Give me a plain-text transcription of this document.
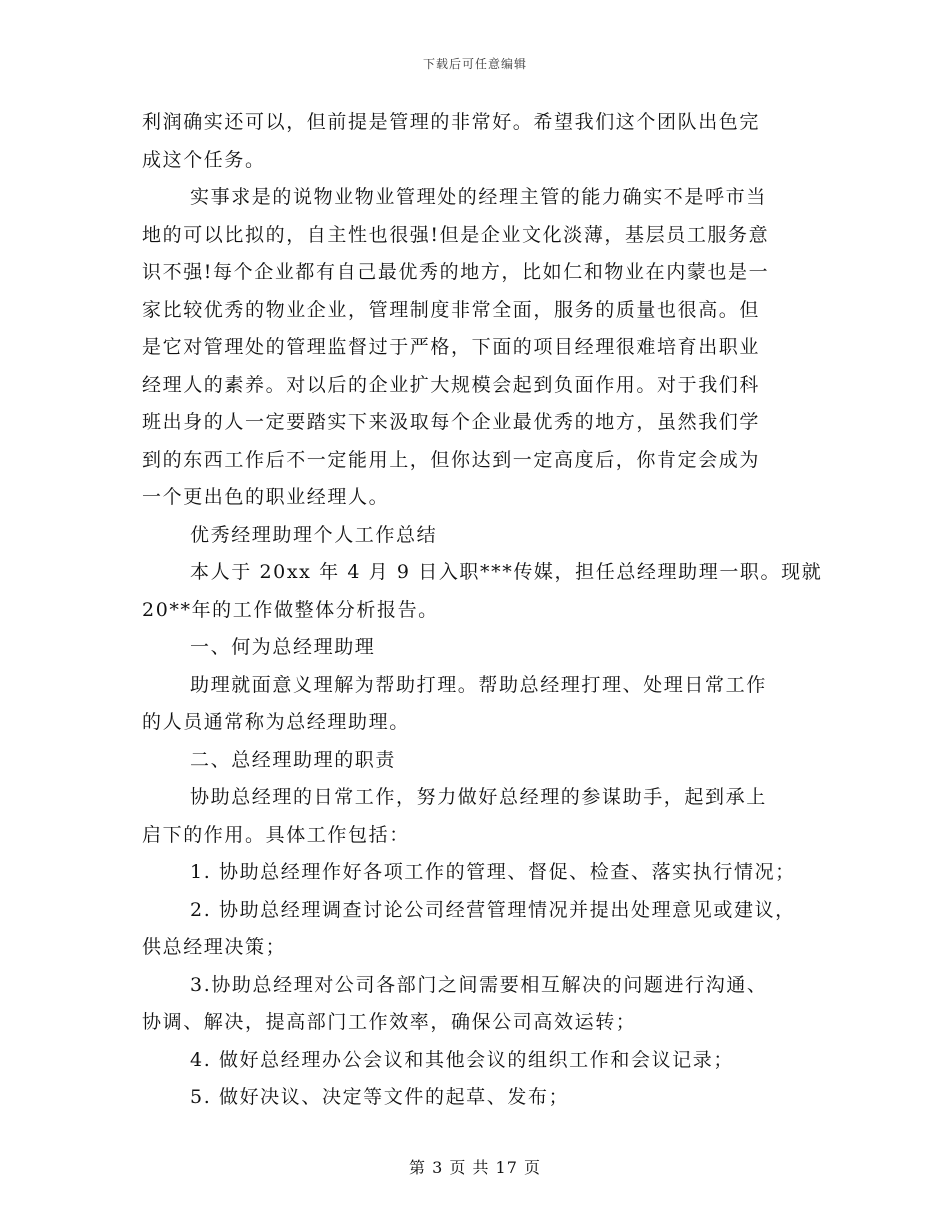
下载后可任意编辑
利润确实还可以，但前提是管理的非常好。希望我们这个团队出色完
成这个任务。
实事求是的说物业物业管理处的经理主管的能力确实不是呼市当
地的可以比拟的，自主性也很强!但是企业文化淡薄，基层员工服务意
识不强!每个企业都有自己最优秀的地方，比如仁和物业在内蒙也是一
家比较优秀的物业企业，管理制度非常全面，服务的质量也很高。但
是它对管理处的管理监督过于严格，下面的项目经理很难培育出职业
经理人的素养。对以后的企业扩大规模会起到负面作用。对于我们科
班出身的人一定要踏实下来汲取每个企业最优秀的地方，虽然我们学
到的东西工作后不一定能用上，但你达到一定高度后，你肯定会成为
一个更出色的职业经理人。
优秀经理助理个人工作总结
本人于 20xx 年 4 月 9 日入职***传媒，担任总经理助理一职。现就
20**年的工作做整体分析报告。
一、何为总经理助理
助理就面意义理解为帮助打理。帮助总经理打理、处理日常工作
的人员通常称为总经理助理。
二、总经理助理的职责
协助总经理的日常工作，努力做好总经理的参谋助手，起到承上
启下的作用。具体工作包括：
1. 协助总经理作好各项工作的管理、督促、检查、落实执行情况；
2. 协助总经理调查讨论公司经营管理情况并提出处理意见或建议，
供总经理决策；
3.协助总经理对公司各部门之间需要相互解决的问题进行沟通、
协调、解决，提高部门工作效率，确保公司高效运转；
4. 做好总经理办公会议和其他会议的组织工作和会议记录；
5. 做好决议、决定等文件的起草、发布；
第 3 页 共 17 页
